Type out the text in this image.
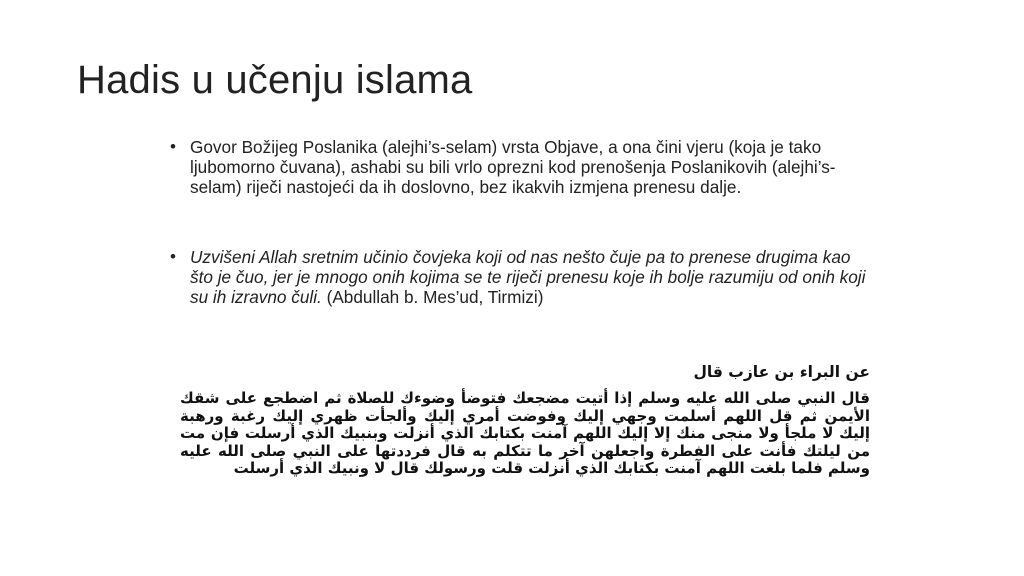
Hadis u učenju islama
• Govor Božijeg Poslanika (alejhi’s-selam) vrsta Objave, a ona čini vjeru (koja je tako ljubomorno čuvana), ashabi su bili vrlo oprezni kod prenošenja Poslanikovih (alejhi’s-selam) riječi nastojeći da ih doslovno, bez ikakvih izmjena prenesu dalje.
• Uzvišeni Allah sretnim učinio čovjeka koji od nas nešto čuje pa to prenese drugima kao što je čuo, jer je mnogo onih kojima se te riječi prenesu koje ih bolje razumiju od onih koji su ih izravno čuli. (Abdullah b. Mes’ud, Tirmizi)
عن البراء بن عازب قال
قال النبي صلى الله عليه وسلم إذا أتيت مضجعك فتوضأ وضوءك للصلاة ثم اضطجع على شقك الأيمن ثم قل اللهم أسلمت وجهي إليك وفوضت أمري إليك وألجأت ظهري إليك رغبة ورهبة إليك لا ملجأ ولا منجى منك إلا إليك اللهم آمنت بكتابك الذي أنزلت وبنبيك الذي أرسلت فإن مت من ليلتك فأنت على الفطرة واجعلهن آخر ما تتكلم به قال فرددتها على النبي صلى الله عليه وسلم فلما بلغت اللهم آمنت بكتابك الذي أنزلت قلت ورسولك قال لا ونبيك الذي أرسلت
